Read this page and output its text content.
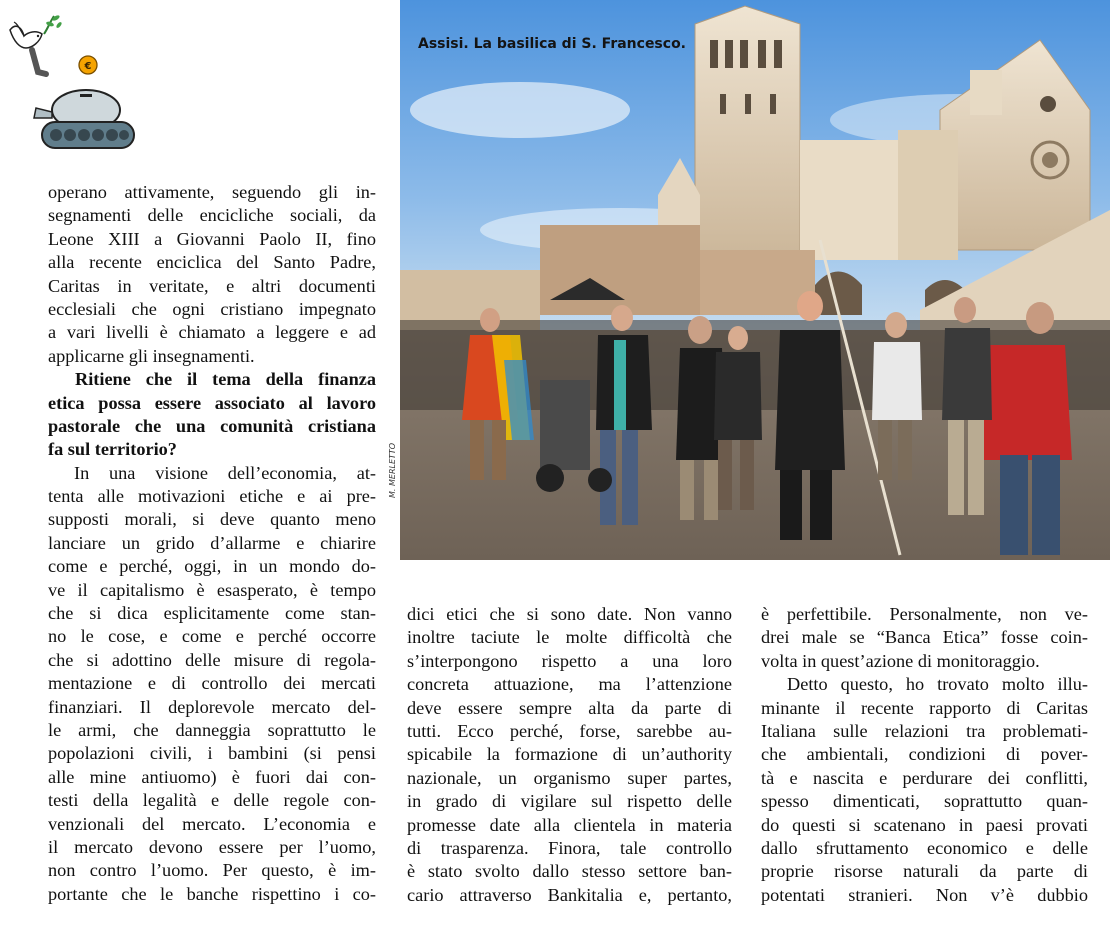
€
Assisi. La basilica di S. Francesco.
M. MERLETTO
operano attivamente, seguendo gli in-
segnamenti delle encicliche sociali, da
Leone XIII a Giovanni Paolo II, fino
alla recente enciclica del Santo Padre,
Caritas in veritate, e altri documenti
ecclesiali che ogni cristiano impegnato
a vari livelli è chiamato a leggere e ad
applicarne gli insegnamenti.
Ritiene che il tema della finanza
etica possa essere associato al lavoro
pastorale che una comunità cristiana
fa sul territorio?
In una visione dell’economia, at-
tenta alle motivazioni etiche e ai pre-
supposti morali, si deve quanto meno
lanciare un grido d’allarme e chiarire
come e perché, oggi, in un mondo do-
ve il capitalismo è esasperato, è tempo
che si dica esplicitamente come stan-
no le cose, e come e perché occorre
che si adottino delle misure di regola-
mentazione e di controllo dei mercati
finanziari. Il deplorevole mercato del-
le armi, che danneggia soprattutto le
popolazioni civili, i bambini (si pensi
alle mine antiuomo) è fuori dai con-
testi della legalità e delle regole con-
venzionali del mercato. L’economia e
il mercato devono essere per l’uomo,
non contro l’uomo. Per questo, è im-
portante che le banche rispettino i co-
dici etici che si sono date. Non vanno
inoltre taciute le molte difficoltà che
s’interpongono rispetto a una loro
concreta attuazione, ma l’attenzione
deve essere sempre alta da parte di
tutti. Ecco perché, forse, sarebbe au-
spicabile la formazione di un’authority
nazionale, un organismo super partes,
in grado di vigilare sul rispetto delle
promesse date alla clientela in materia
di trasparenza. Finora, tale controllo
è stato svolto dallo stesso settore ban-
cario attraverso Bankitalia e, pertanto,
è perfettibile. Personalmente, non ve-
drei male se “Banca Etica” fosse coin-
volta in quest’azione di monitoraggio.
Detto questo, ho trovato molto illu-
minante il recente rapporto di Caritas
Italiana sulle relazioni tra problemati-
che ambientali, condizioni di pover-
tà e nascita e perdurare dei conflitti,
spesso dimenticati, soprattutto quan-
do questi si scatenano in paesi provati
dallo sfruttamento economico e delle
proprie risorse naturali da parte di
potentati stranieri. Non v’è dubbio
